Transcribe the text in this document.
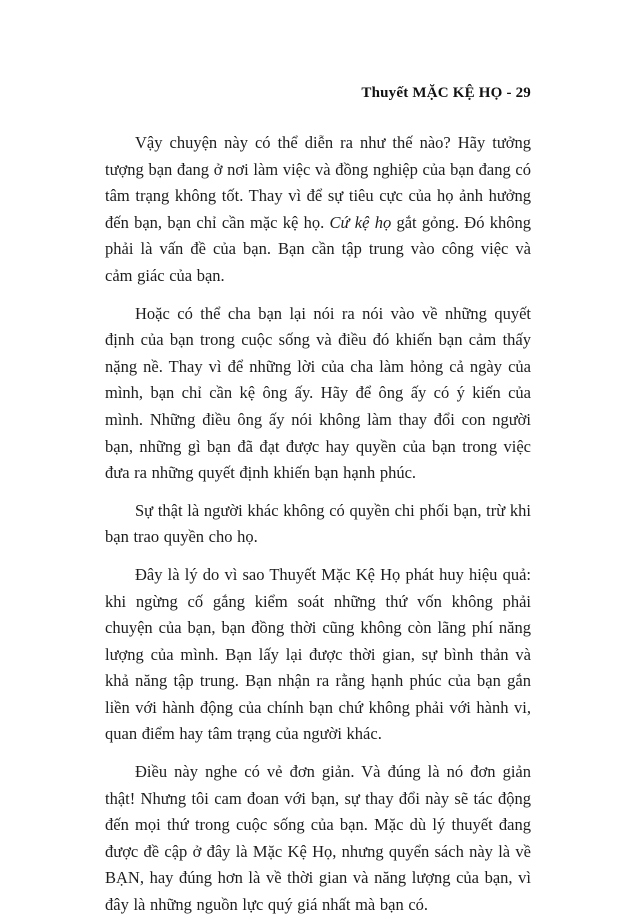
Thuyết MẶC KỆ HỌ - 29

Vậy chuyện này có thể diễn ra như thế nào? Hãy tưởng tượng bạn đang ở nơi làm việc và đồng nghiệp của bạn đang có tâm trạng không tốt. Thay vì để sự tiêu cực của họ ảnh hưởng đến bạn, bạn chỉ cần mặc kệ họ. Cứ kệ họ gắt gỏng. Đó không phải là vấn đề của bạn. Bạn cần tập trung vào công việc và cảm giác của bạn.

Hoặc có thể cha bạn lại nói ra nói vào về những quyết định của bạn trong cuộc sống và điều đó khiến bạn cảm thấy nặng nề. Thay vì để những lời của cha làm hỏng cả ngày của mình, bạn chỉ cần kệ ông ấy. Hãy để ông ấy có ý kiến của mình. Những điều ông ấy nói không làm thay đổi con người bạn, những gì bạn đã đạt được hay quyền của bạn trong việc đưa ra những quyết định khiến bạn hạnh phúc.

Sự thật là người khác không có quyền chi phối bạn, trừ khi bạn trao quyền cho họ.

Đây là lý do vì sao Thuyết Mặc Kệ Họ phát huy hiệu quả: khi ngừng cố gắng kiểm soát những thứ vốn không phải chuyện của bạn, bạn đồng thời cũng không còn lãng phí năng lượng của mình. Bạn lấy lại được thời gian, sự bình thản và khả năng tập trung. Bạn nhận ra rằng hạnh phúc của bạn gắn liền với hành động của chính bạn chứ không phải với hành vi, quan điểm hay tâm trạng của người khác.

Điều này nghe có vẻ đơn giản. Và đúng là nó đơn giản thật! Nhưng tôi cam đoan với bạn, sự thay đổi này sẽ tác động đến mọi thứ trong cuộc sống của bạn. Mặc dù lý thuyết đang được đề cập ở đây là Mặc Kệ Họ, nhưng quyển sách này là về BẠN, hay đúng hơn là về thời gian và năng lượng của bạn, vì đây là những nguồn lực quý giá nhất mà bạn có.
